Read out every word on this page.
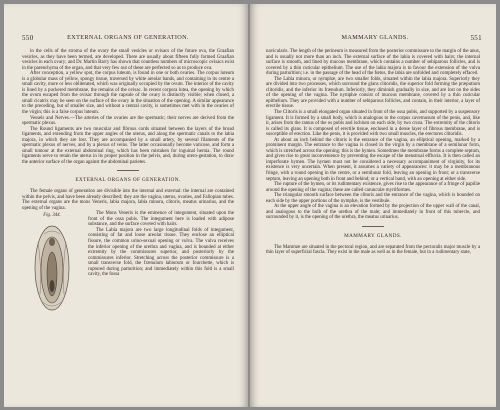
550	EXTERNAL ORGANS OF GENERATION.

in the cells of the stroma of the ovary the small vesicles or ovisacs of the future ova, the Graafian vesicles, as they have been termed, are developed. There are usually about fifteen fully formed Graafian vesicles in each ovary; and Dr. Martin Barry has shown that countless numbers of microscopic ovisacs exist in the parenchyma of the organ, and that very few out of these are perfected so as to produce ova.

After conception, a yellow spot, the corpus luteum, is found in one or both ovaries. The corpus luteum is a globular mass of yellow, spongy tissue, traversed by white areolar bands, and containing in its centre a small cavity, more or less obliterated, which was originally occupied by the ovum. The interior of the cavity is lined by a puckered membrane, the remains of the ovisac. In recent corpora lutea, the opening by which the ovum escaped from the ovisac through the capsule of the ovary is distinctly visible; when closed, a small cicatrix may be seen on the surface of the ovary in the situation of the opening. A similar appearance to the preceding, but of smaller size, and without a central cavity, is sometimes met with in the ovaries of the virgin; this is a false corpus luteum.

Vessels and Nerves.—The arteries of the ovaries are the spermatic; their nerves are derived from the spermatic plexus.

The Round ligaments are two muscular and fibrous cords situated between the layers of the broad ligaments, and extending from the upper angles of the uterus, and along the spermatic canals to the labia majora, in which they are lost. They are accompanied by a small artery, by several filaments of the spermatic plexus of nerves, and by a plexus of veins. The latter occasionally become varicose, and form a small tumour at the external abdominal ring, which has been mistaken for inguinal hernia. The round ligaments serve to retain the uterus in its proper position in the pelvis, and, during utero-gestation, to draw the anterior surface of the organ against the abdominal parietes.

EXTERNAL ORGANS OF GENERATION.

The female organs of generation are divisible into the internal and external: the internal are contained within the pelvis, and have been already described; they are the vagina, uterus, ovaries, and Fallopian tubes. The external organs are the mons Veneris, labia majora, labia minora, clitoris, meatus urinarius, and the opening of the vagina.

Fig. 344.	The Mons Veneris is the eminence of integument, situated upon the front of the ossa pubis. The integument here is loaded with adipose substance, and the surface covered with hairs.

The Labia majora are two large longitudinal folds of integument, consisting of fat and loose areolar tissue. They enclose an elliptical fissure, the common urino-sexual opening or vulva. The vulva receives the inferior opening of the urethra and vagina, and is bounded at either extremity by the commissures superior, and posteriorly by the commissures inferior. Stretching across the posterior commissure is a small transverse fold, the frænulum labiorum or fourchette, which is ruptured during parturition; and immediately within this fold is a small cavity, the fossa

MAMMARY GLANDS.	551

navicularis. The length of the perineum is measured from the posterior commissure to the margin of the anus, and is usually not more than an inch. The external surface of the labia is covered with hairs; the internal surface is smooth, and lined by mucous membrane, which contains a number of sebiparous follicles, and is covered by a thin cuticular epithelium. The use of the labia majora is to favour the extension of the vulva during parturition; i.e. in the passage of the head of the fœtus, the labia are unfolded and completely effaced.

The Labia minora, or nymphæ, are two smaller folds, situated within the labia majora. Superiorly they are divided into two processes, which surround the glans clitoridis, the superior fold forming the præputium clitoridis, and the inferior its frænulum. Inferiorly, they diminish gradually in size, and are lost on the sides of the opening of the vagina. The nymphæ consist of mucous membrane, covered by a thin cuticular epithelium. They are provided with a number of sebiparous follicles, and contain, in their interior, a layer of erectile tissue.

The Clitoris is a small elongated organ situated in front of the ossa pubis, and supported by a suspensory ligament. It is formed by a small body, which is analogous to the corpus cavernosum of the penis, and, like it, arises from the ramus of the os pubis and ischium on each side, by two crura. The extremity of the clitoris is called its glans. It is composed of erectile tissue, enclosed in a dense layer of fibrous membrane, and is susceptible of erection. Like the penis, it is provided with two small muscles, the erectores clitoridis.

At about an inch behind the clitoris is the entrance of the vagina, an elliptical opening, marked by a prominent margin. The entrance to the vagina is closed in the virgin by a membrane of a semilunar form, which is stretched across the opening; this is the hymen. Sometimes the membrane forms a complete septum, and gives rise to great inconvenience by preventing the escape of the menstrual effluvia. It is then called an imperforate hymen. The hymen must not be considered a necessary accompaniment of virginity, for its existence is very uncertain. When present, it assumes a variety of appearances: it may be a membranous fringe, with a round opening in the centre, or a semilunar fold, leaving an opening in front; or a transverse septum, leaving an opening both in front and behind; or a vertical band, with an opening at either side.

The rupture of the hymen, or its rudimentary existence, gives rise to the appearance of a fringe of papillæ around the opening of the vagina; these are called carunculæ myrtiformes.

The triangular smooth surface between the clitoris and the entrance of the vagina, which is bounded on each side by the upper portions of the nymphæ, is the vestibule.

At the upper angle of the vagina is an elevation formed by the projection of the upper wall of the canal, and analogous to the bulb of the urethra of the male; and immediately in front of this tubercle, and surrounded by it, is the opening of the urethra, the meatus urinarius.

MAMMARY GLANDS.

The Mammæ are situated in the pectoral region, and are separated from the pectoralis major muscle by a thin layer of superficial fascia. They exist in the male as well as in the female, but in a rudimentary state,
